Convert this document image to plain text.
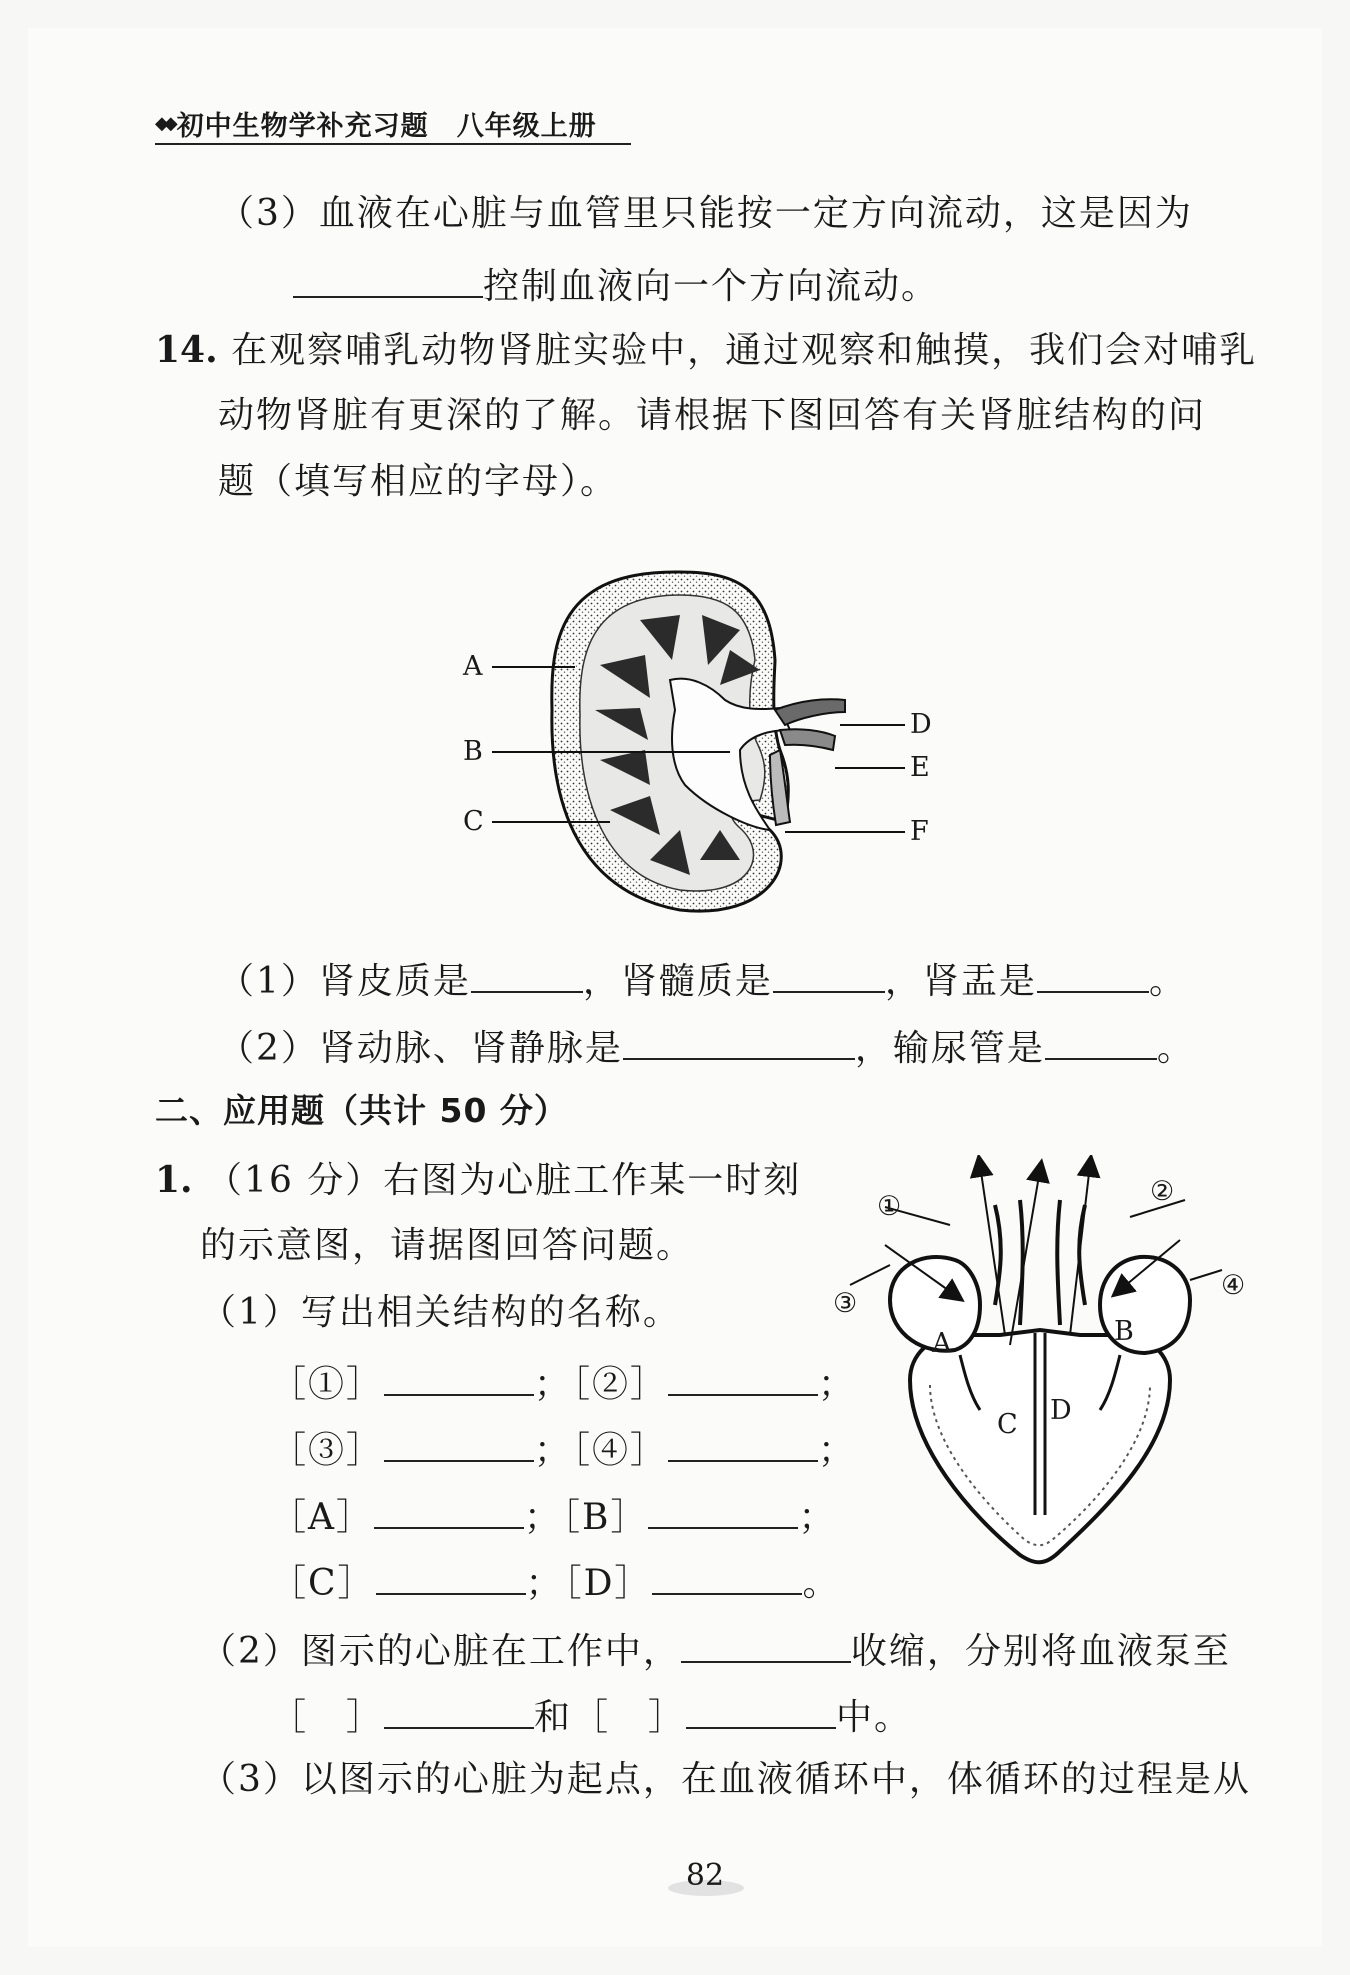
◆◆ 初中生物学补充习题 八年级上册
（3）血液在心脏与血管里只能按一定方向流动，这是因为
控制血液向一个方向流动。
14. 在观察哺乳动物肾脏实验中，通过观察和触摸，我们会对哺乳
动物肾脏有更深的了解。请根据下图回答有关肾脏结构的问
题（填写相应的字母）。
A
B
C
D
E
F
（1）肾皮质是	，肾髓质是	，肾盂是	。
（2）肾动脉、肾静脉是	，输尿管是	。
二、应用题（共计 50 分）
1. （16 分）右图为心脏工作某一时刻
的示意图，请据图回答问题。
（1）写出相关结构的名称。
［①］	；［②］	；
［③］	；［④］	；
［A］	；［B］	；
［C］	；［D］	。
（2）图示的心脏在工作中，	收缩，分别将血液泵至
［　］	和［　］	中。
（3）以图示的心脏为起点，在血液循环中，体循环的过程是从
①	②
③
④
A	B
C D
82
